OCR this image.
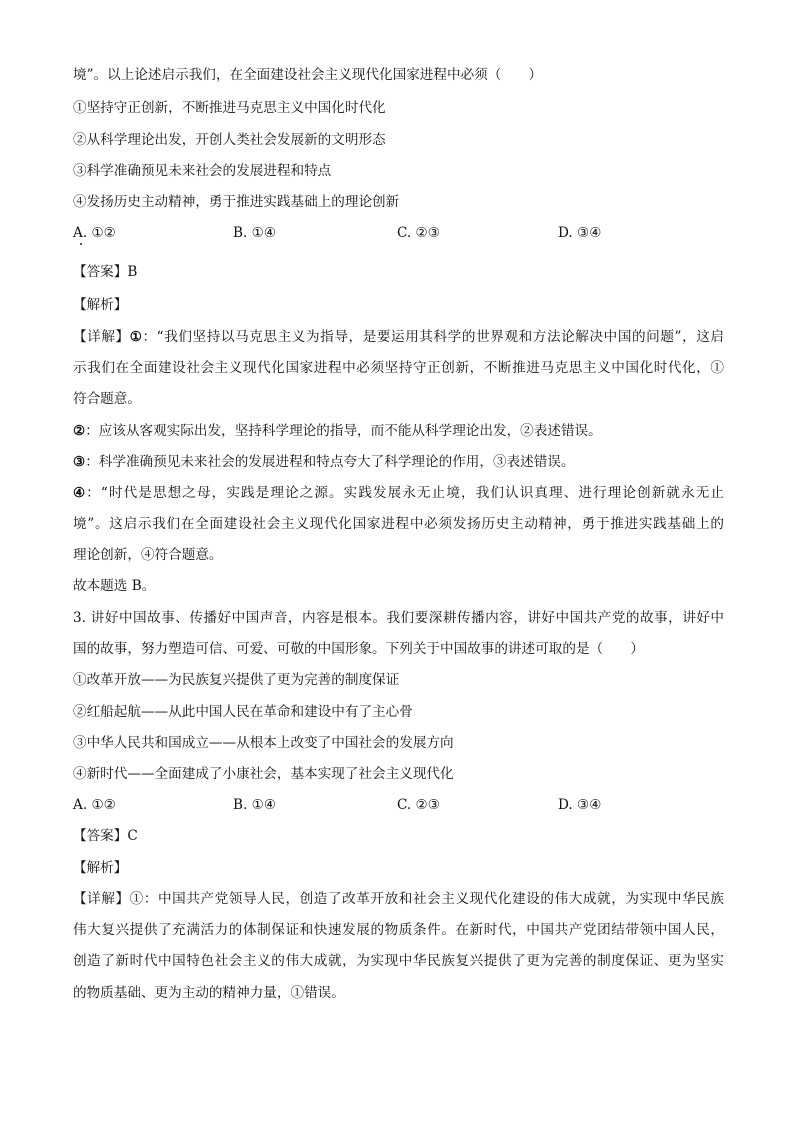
境”。以上论述启示我们，在全面建设社会主义现代化国家进程中必须（　　）
①坚持守正创新，不断推进马克思主义中国化时代化
②从科学理论出发，开创人类社会发展新的文明形态
③科学准确预见未来社会的发展进程和特点
④发扬历史主动精神，勇于推进实践基础上的理论创新
A. ①②	B. ①④	C. ②③	D. ③④
【答案】B
【解析】
【详解】①：“我们坚持以马克思主义为指导，是要运用其科学的世界观和方法论解决中国的问题”，这启
示我们在全面建设社会主义现代化国家进程中必须坚持守正创新，不断推进马克思主义中国化时代化，①
符合题意。
②：应该从客观实际出发，坚持科学理论的指导，而不能从科学理论出发，②表述错误。
③：科学准确预见未来社会的发展进程和特点夸大了科学理论的作用，③表述错误。
④：“时代是思想之母，实践是理论之源。实践发展永无止境，我们认识真理、进行理论创新就永无止
境”。这启示我们在全面建设社会主义现代化国家进程中必须发扬历史主动精神，勇于推进实践基础上的
理论创新，④符合题意。
故本题选 B。
3. 讲好中国故事、传播好中国声音，内容是根本。我们要深耕传播内容，讲好中国共产党的故事，讲好中
国的故事，努力塑造可信、可爱、可敬的中国形象。下列关于中国故事的讲述可取的是（　　）
①改革开放——为民族复兴提供了更为完善的制度保证
②红船起航——从此中国人民在革命和建设中有了主心骨
③中华人民共和国成立——从根本上改变了中国社会的发展方向
④新时代——全面建成了小康社会，基本实现了社会主义现代化
A. ①②	B. ①④	C. ②③	D. ③④
【答案】C
【解析】
【详解】①：中国共产党领导人民，创造了改革开放和社会主义现代化建设的伟大成就，为实现中华民族
伟大复兴提供了充满活力的体制保证和快速发展的物质条件。在新时代，中国共产党团结带领中国人民，
创造了新时代中国特色社会主义的伟大成就，为实现中华民族复兴提供了更为完善的制度保证、更为坚实
的物质基础、更为主动的精神力量，①错误。
